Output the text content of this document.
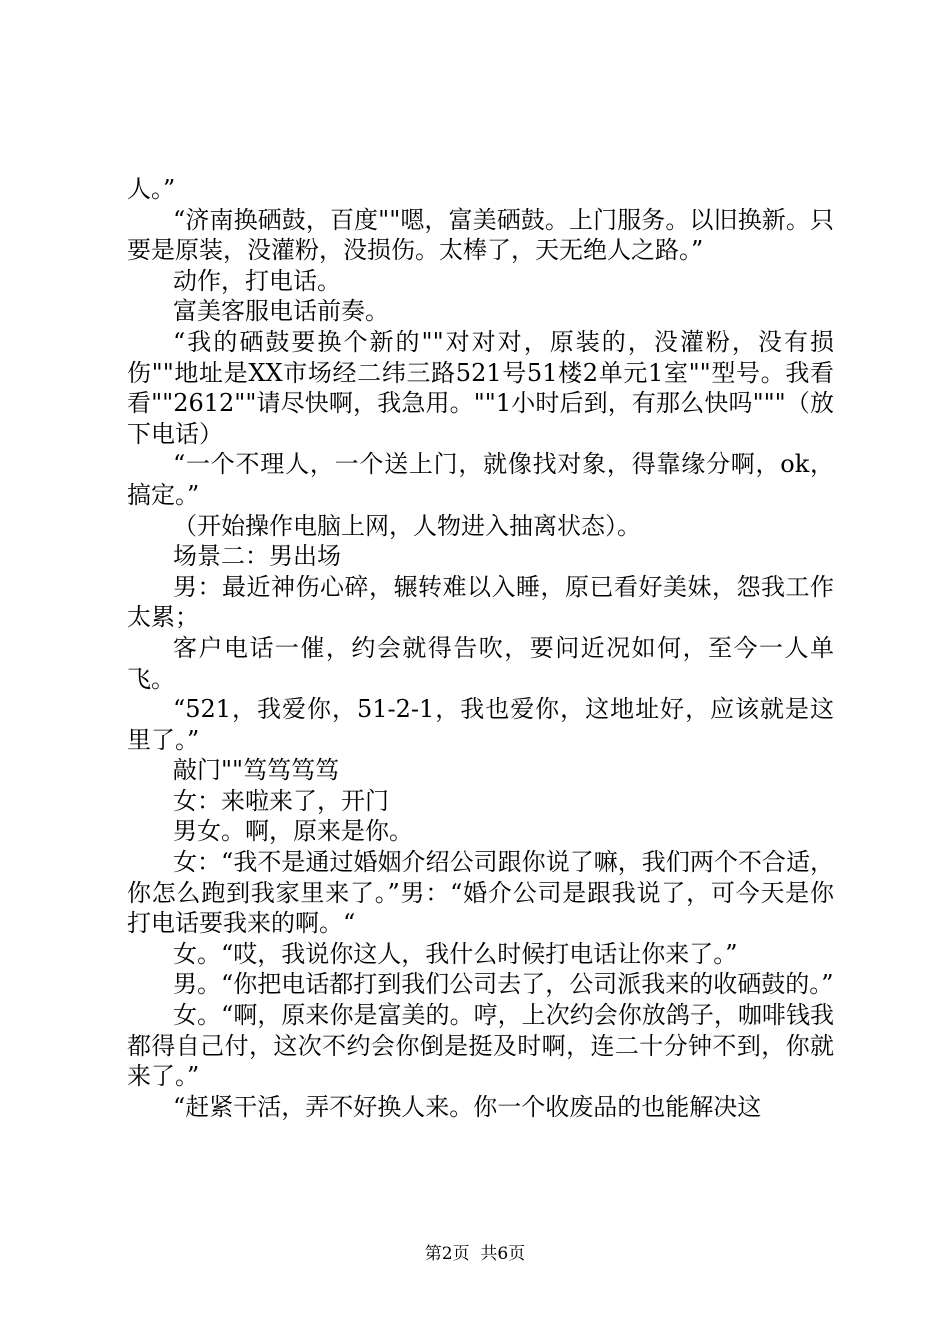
人。”

“济南换硒鼓，百度""嗯，富美硒鼓。上门服务。以旧换新。只要是原装，没灌粉，没损伤。太棒了，天无绝人之路。”

动作，打电话。

富美客服电话前奏。

“我的硒鼓要换个新的""对对对，原装的，没灌粉，没有损伤""地址是XX市场经二纬三路521号51楼2单元1室""型号。我看看""2612""请尽快啊，我急用。""1小时后到，有那么快吗"""（放下电话）

“一个不理人，一个送上门，就像找对象，得靠缘分啊，ok，搞定。”

（开始操作电脑上网，人物进入抽离状态）。

场景二：男出场

男：最近神伤心碎，辗转难以入睡，原已看好美妹，怨我工作太累；

客户电话一催，约会就得告吹，要问近况如何，至今一人单飞。

“521，我爱你，51-2-1，我也爱你，这地址好，应该就是这里了。”

敲门""笃笃笃笃

女：来啦来了，开门

男女。啊，原来是你。

女：“我不是通过婚姻介绍公司跟你说了嘛，我们两个不合适，你怎么跑到我家里来了。”男：“婚介公司是跟我说了，可今天是你打电话要我来的啊。“

女。“哎，我说你这人，我什么时候打电话让你来了。”

男。“你把电话都打到我们公司去了，公司派我来的收硒鼓的。”

女。“啊，原来你是富美的。哼，上次约会你放鸽子，咖啡钱我都得自己付，这次不约会你倒是挺及时啊，连二十分钟不到，你就来了。”

“赶紧干活，弄不好换人来。你一个收废品的也能解决这

第2页  共6页
